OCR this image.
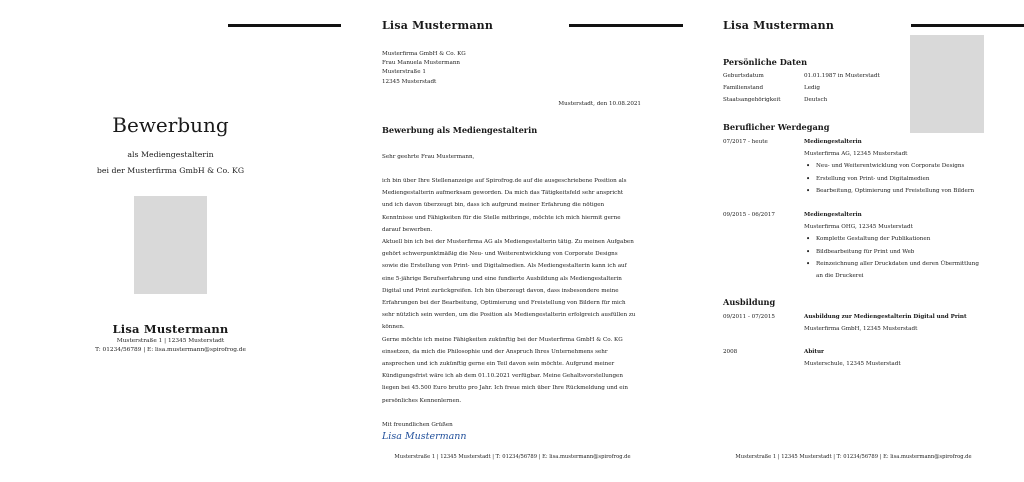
Bewerbung
als Mediengestalterin
bei der Musterfirma GmbH & Co. KG
Lisa Mustermann
Musterstraße 1 | 12345 Musterstadt
T: 01234/56789 | E: lisa.mustermann@spirofrog.de
Lisa Mustermann
Musterfirma GmbH & Co. KG
Frau Manuela Mustermann
Musterstraße 1
12345 Musterstadt
Musterstadt, den 10.08.2021
Bewerbung als Mediengestalterin
Sehr geehrte Frau Mustermann,
ich bin über Ihre Stellenanzeige auf Spirofrog.de auf die ausgeschriebene Position als
Mediengestalterin aufmerksam geworden. Da mich das Tätigkeitsfeld sehr anspricht
und ich davon überzeugt bin, dass ich aufgrund meiner Erfahrung die nötigen
Kenntnisse und Fähigkeiten für die Stelle mitbringe, möchte ich mich hiermit gerne
darauf bewerben.
Aktuell bin ich bei der Musterfirma AG als Mediengestalterin tätig. Zu meinen Aufgaben
gehört schwerpunktmäßig die Neu- und Weiterentwicklung von Corporate Designs
sowie die Erstellung von Print- und Digitalmedien. Als Mediengestalterin kann ich auf
eine 5-jährige Berufserfahrung und eine fundierte Ausbildung als Mediengestalterin
Digital und Print zurückgreifen. Ich bin überzeugt davon, dass insbesondere meine
Erfahrungen bei der Bearbeitung, Optimierung und Freistellung von Bildern für mich
sehr nützlich sein werden, um die Position als Mediengestalterin erfolgreich ausfüllen zu
können.
Gerne möchte ich meine Fähigkeiten zukünftig bei der Musterfirma GmbH & Co. KG
einsetzen, da mich die Philosophie und der Anspruch Ihres Unternehmens sehr
ansprechen und ich zukünftig gerne ein Teil davon sein möchte. Aufgrund meiner
Kündigungsfrist wäre ich ab dem 01.10.2021 verfügbar. Meine Gehaltsvorstellungen
liegen bei 45.500 Euro brutto pro Jahr. Ich freue mich über Ihre Rückmeldung und ein
persönliches Kennenlernen.
Mit freundlichen Grüßen
Lisa Mustermann
Musterstraße 1 | 12345 Musterstadt | T: 01234/56789 | E: lisa.mustermann@spirofrog.de
Lisa Mustermann
Persönliche Daten
Geburtsdatum	01.01.1987 in Musterstadt
Familienstand	Ledig
Staatsangehörigkeit	Deutsch
Beruflicher Werdegang
07/2017 - heute	Mediengestalterin
Musterfirma AG, 12345 Musterstadt
• Neu- und Weiterentwicklung von Corporate Designs
• Erstellung von Print- und Digitalmedien
• Bearbeitung, Optimierung und Freistellung von Bildern
09/2015 - 06/2017	Mediengestalterin
Musterfirma OHG, 12345 Musterstadt
• Komplette Gestaltung der Publikationen
• Bildbearbeitung für Print und Web
• Reinzeichnung aller Druckdaten und deren Übermittlung
an die Druckerei
Ausbildung
09/2011 - 07/2015	Ausbildung zur Mediengestalterin Digital und Print
Musterfirma GmbH, 12345 Musterstadt
2008	Abitur
Musterschule, 12345 Musterstadt
Musterstraße 1 | 12345 Musterstadt | T: 01234/56789 | E: lisa.mustermann@spirofrog.de
